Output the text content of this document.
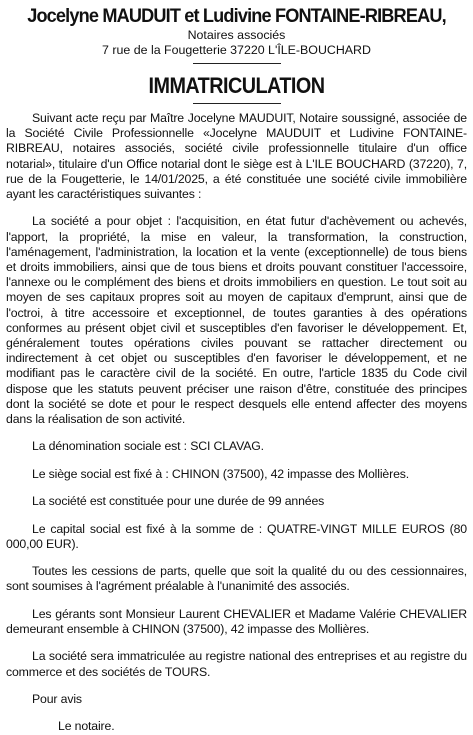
Jocelyne MAUDUIT et Ludivine FONTAINE-RIBREAU,

Notaires associés

7 rue de la Fougetterie 37220 L'ÎLE-BOUCHARD

IMMATRICULATION

Suivant acte reçu par Maître Jocelyne MAUDUIT, Notaire soussigné, associée de la Société Civile Professionnelle «Jocelyne MAUDUIT et Ludivine FONTAINE-RIBREAU, notaires associés, société civile professionnelle titulaire d'un office notarial», titulaire d'un Office notarial dont le siège est à L'ILE BOUCHARD (37220), 7, rue de la Fougetterie, le 14/01/2025, a été constituée une société civile immobilière ayant les caractéristiques suivantes :

La société a pour objet : l'acquisition, en état futur d'achèvement ou achevés, l'apport, la propriété, la mise en valeur, la transformation, la construction, l'aménagement, l'administration, la location et la vente (exceptionnelle) de tous biens et droits immobiliers, ainsi que de tous biens et droits pouvant constituer l'accessoire, l'annexe ou le complément des biens et droits immobiliers en question. Le tout soit au moyen de ses capitaux propres soit au moyen de capitaux d'emprunt, ainsi que de l'octroi, à titre accessoire et exceptionnel, de toutes garanties à des opérations conformes au présent objet civil et susceptibles d'en favoriser le développement. Et, généralement toutes opérations civiles pouvant se rattacher directement ou indirectement à cet objet ou susceptibles d'en favoriser le développement, et ne modifiant pas le caractère civil de la société. En outre, l'article 1835 du Code civil dispose que les statuts peuvent préciser une raison d'être, constituée des principes dont la société se dote et pour le respect desquels elle entend affecter des moyens dans la réalisation de son activité.

La dénomination sociale est : SCI CLAVAG.

Le siège social est fixé à : CHINON (37500), 42 impasse des Mollières.

La société est constituée pour une durée de 99 années

Le capital social est fixé à la somme de : QUATRE-VINGT MILLE EUROS (80 000,00 EUR).

Toutes les cessions de parts, quelle que soit la qualité du ou des cessionnaires, sont soumises à l'agrément préalable à l'unanimité des associés.

Les gérants sont Monsieur Laurent CHEVALIER et Madame Valérie CHEVALIER demeurant ensemble à CHINON (37500), 42 impasse des Mollières.

La société sera immatriculée au registre national des entreprises et au registre du commerce et des sociétés de TOURS.

Pour avis

Le notaire.
